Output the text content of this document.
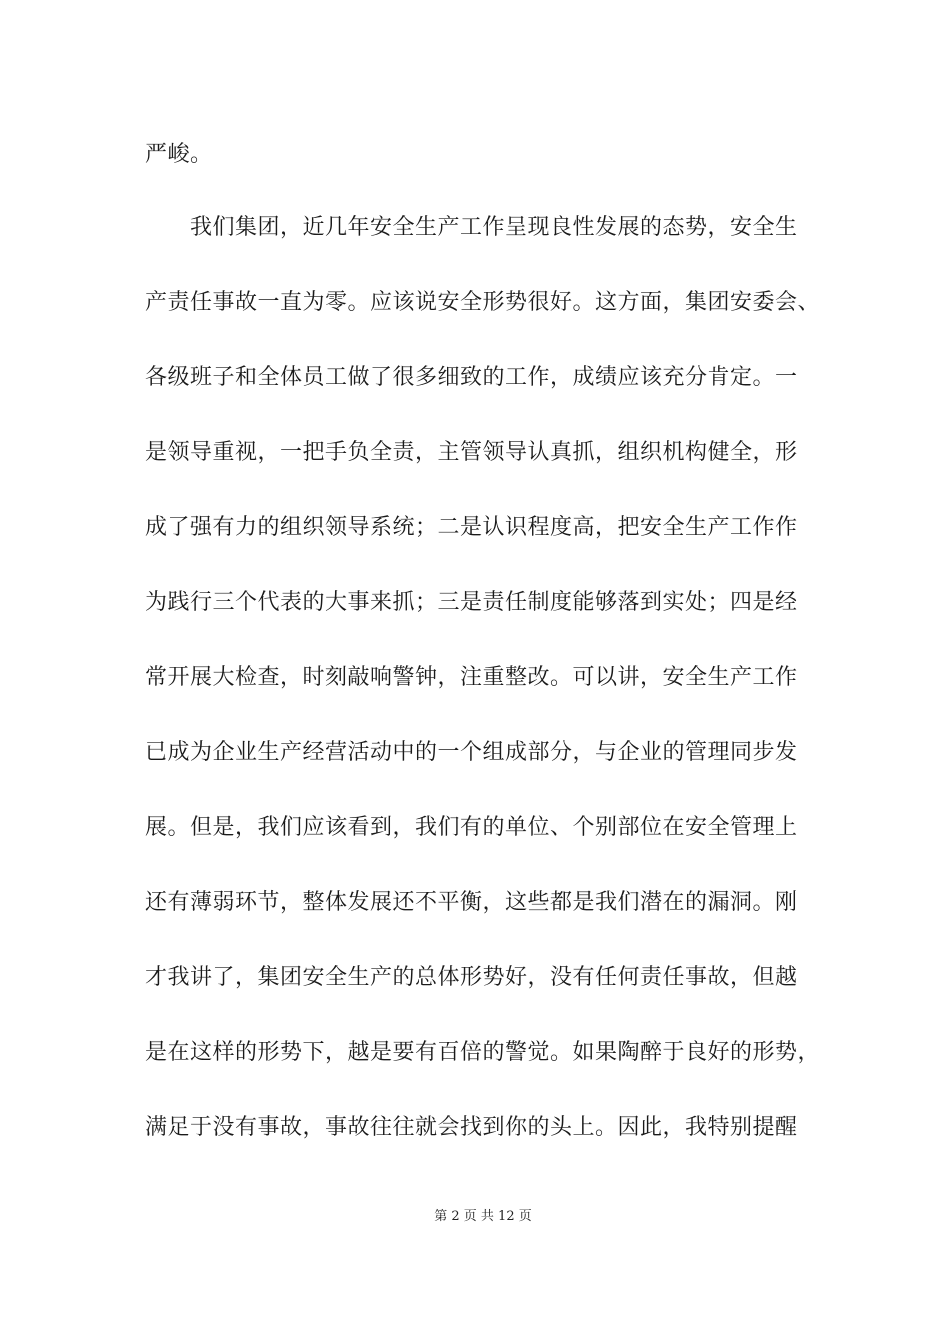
严峻。
我们集团，近几年安全生产工作呈现良性发展的态势，安全生
产责任事故一直为零。应该说安全形势很好。这方面，集团安委会、
各级班子和全体员工做了很多细致的工作，成绩应该充分肯定。一
是领导重视，一把手负全责，主管领导认真抓，组织机构健全，形
成了强有力的组织领导系统；二是认识程度高，把安全生产工作作
为践行三个代表的大事来抓；三是责任制度能够落到实处；四是经
常开展大检查，时刻敲响警钟，注重整改。可以讲，安全生产工作
已成为企业生产经营活动中的一个组成部分，与企业的管理同步发
展。但是，我们应该看到，我们有的单位、个别部位在安全管理上
还有薄弱环节，整体发展还不平衡，这些都是我们潜在的漏洞。刚
才我讲了，集团安全生产的总体形势好，没有任何责任事故，但越
是在这样的形势下，越是要有百倍的警觉。如果陶醉于良好的形势，
满足于没有事故，事故往往就会找到你的头上。因此，我特别提醒
第 2 页 共 12 页
